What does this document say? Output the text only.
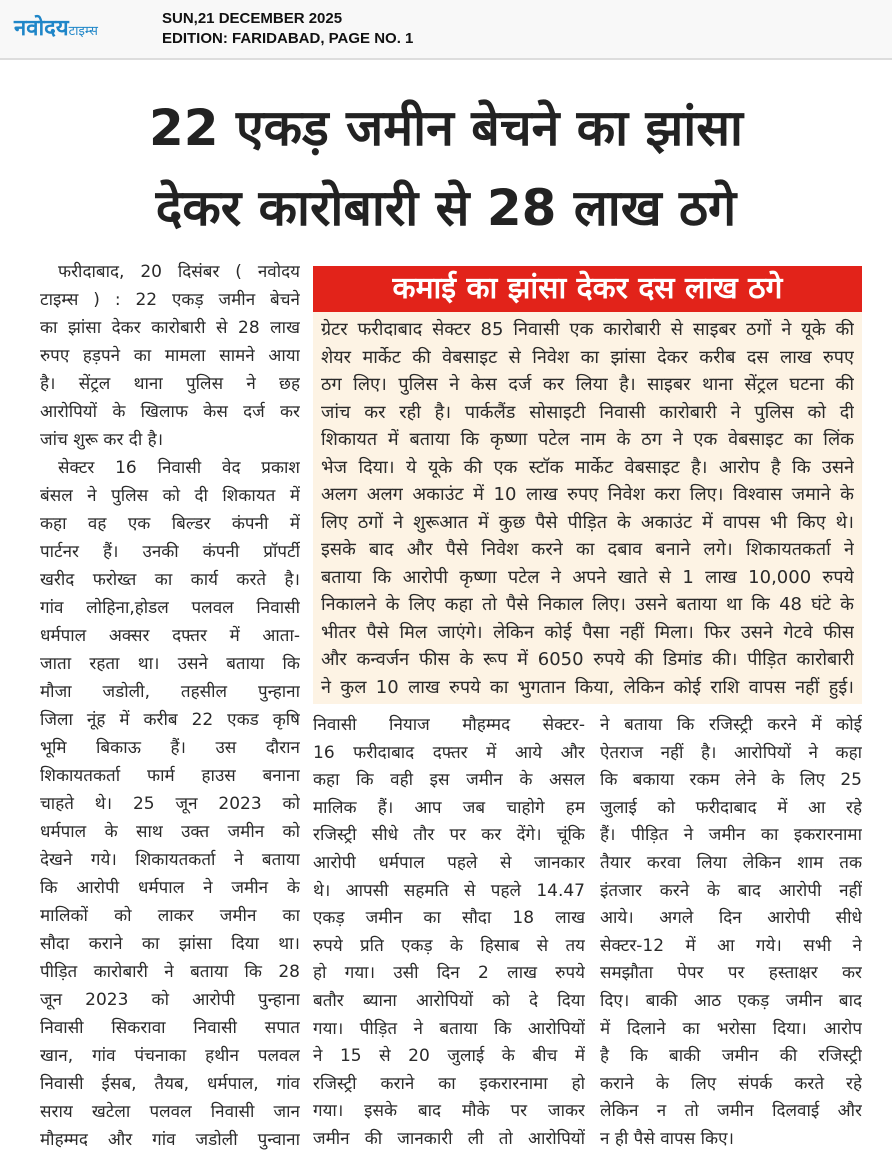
नवोदयटाइम्स
SUN,21 DECEMBER 2025
EDITION: FARIDABAD, PAGE NO. 1
22 एकड़ जमीन बेचने का झांसा
देकर कारोबारी से 28 लाख ठगे
फरीदाबाद, 20 दिसंबर ( नवोदय
टाइम्स ) : 22 एकड़ जमीन बेचने
का झांसा देकर कारोबारी से 28 लाख
रुपए हड़पने का मामला सामने आया
है। सेंट्रल थाना पुलिस ने छह
आरोपियों के खिलाफ केस दर्ज कर
जांच शुरू कर दी है।
सेक्टर 16 निवासी वेद प्रकाश
बंसल ने पुलिस को दी शिकायत में
कहा वह एक बिल्डर कंपनी में
पार्टनर हैं। उनकी कंपनी प्रॉपर्टी
खरीद फरोख्त का कार्य करते है।
गांव लोहिना,होडल पलवल निवासी
धर्मपाल अक्सर दफ्तर में आता-
जाता रहता था। उसने बताया कि
मौजा जडोली, तहसील पुन्हाना
जिला नूंह में करीब 22 एकड कृषि
भूमि बिकाऊ हैं। उस दौरान
शिकायतकर्ता फार्म हाउस बनाना
चाहते थे। 25 जून 2023 को
धर्मपाल के साथ उक्त जमीन को
देखने गये। शिकायतकर्ता ने बताया
कि आरोपी धर्मपाल ने जमीन के
मालिकों को लाकर जमीन का
सौदा कराने का झांसा दिया था।
पीड़ित कारोबारी ने बताया कि 28
जून 2023 को आरोपी पुन्हाना
निवासी सिकरावा निवासी सपात
खान, गांव पंचनाका हथीन पलवल
निवासी ईसब, तैयब, धर्मपाल, गांव
सराय खटेला पलवल निवासी जान
मौहम्मद और गांव जडोली पुन्वाना
कमाई का झांसा देकर दस लाख ठगे
ग्रेटर फरीदाबाद सेक्टर 85 निवासी एक कारोबारी से साइबर ठगों ने यूके की
शेयर मार्केट की वेबसाइट से निवेश का झांसा देकर करीब दस लाख रुपए
ठग लिए। पुलिस ने केस दर्ज कर लिया है। साइबर थाना सेंट्रल घटना की
जांच कर रही है। पार्कलैंड सोसाइटी निवासी कारोबारी ने पुलिस को दी
शिकायत में बताया कि कृष्णा पटेल नाम के ठग ने एक वेबसाइट का लिंक
भेज दिया। ये यूके की एक स्टॉक मार्केट वेबसाइट है। आरोप है कि उसने
अलग अलग अकाउंट में 10 लाख रुपए निवेश करा लिए। विश्वास जमाने के
लिए ठगों ने शुरूआत में कुछ पैसे पीड़ित के अकाउंट में वापस भी किए थे।
इसके बाद और पैसे निवेश करने का दबाव बनाने लगे। शिकायतकर्ता ने
बताया कि आरोपी कृष्णा पटेल ने अपने खाते से 1 लाख 10,000 रुपये
निकालने के लिए कहा तो पैसे निकाल लिए। उसने बताया था कि 48 घंटे के
भीतर पैसे मिल जाएंगे। लेकिन कोई पैसा नहीं मिला। फिर उसने गेटवे फीस
और कन्वर्जन फीस के रूप में 6050 रुपये की डिमांड की। पीड़ित कारोबारी
ने कुल 10 लाख रुपये का भुगतान किया, लेकिन कोई राशि वापस नहीं हुई।
निवासी नियाज मौहम्मद सेक्टर-
16 फरीदाबाद दफ्तर में आये और
कहा कि वही इस जमीन के असल
मालिक हैं। आप जब चाहोगे हम
रजिस्ट्री सीधे तौर पर कर देंगे। चूंकि
आरोपी धर्मपाल पहले से जानकार
थे। आपसी सहमति से पहले 14.47
एकड़ जमीन का सौदा 18 लाख
रुपये प्रति एकड़ के हिसाब से तय
हो गया। उसी दिन 2 लाख रुपये
बतौर ब्याना आरोपियों को दे दिया
गया। पीड़ित ने बताया कि आरोपियों
ने 15 से 20 जुलाई के बीच में
रजिस्ट्री कराने का इकरारनामा हो
गया। इसके बाद मौके पर जाकर
जमीन की जानकारी ली तो आरोपियों
ने बताया कि रजिस्ट्री करने में कोई
ऐतराज नहीं है। आरोपियों ने कहा
कि बकाया रकम लेने के लिए 25
जुलाई को फरीदाबाद में आ रहे
हैं। पीड़ित ने जमीन का इकरारनामा
तैयार करवा लिया लेकिन शाम तक
इंतजार करने के बाद आरोपी नहीं
आये। अगले दिन आरोपी सीधे
सेक्टर-12 में आ गये। सभी ने
समझौता पेपर पर हस्ताक्षर कर
दिए। बाकी आठ एकड़ जमीन बाद
में दिलाने का भरोसा दिया। आरोप
है कि बाकी जमीन की रजिस्ट्री
कराने के लिए संपर्क करते रहे
लेकिन न तो जमीन दिलवाई और
न ही पैसे वापस किए।
